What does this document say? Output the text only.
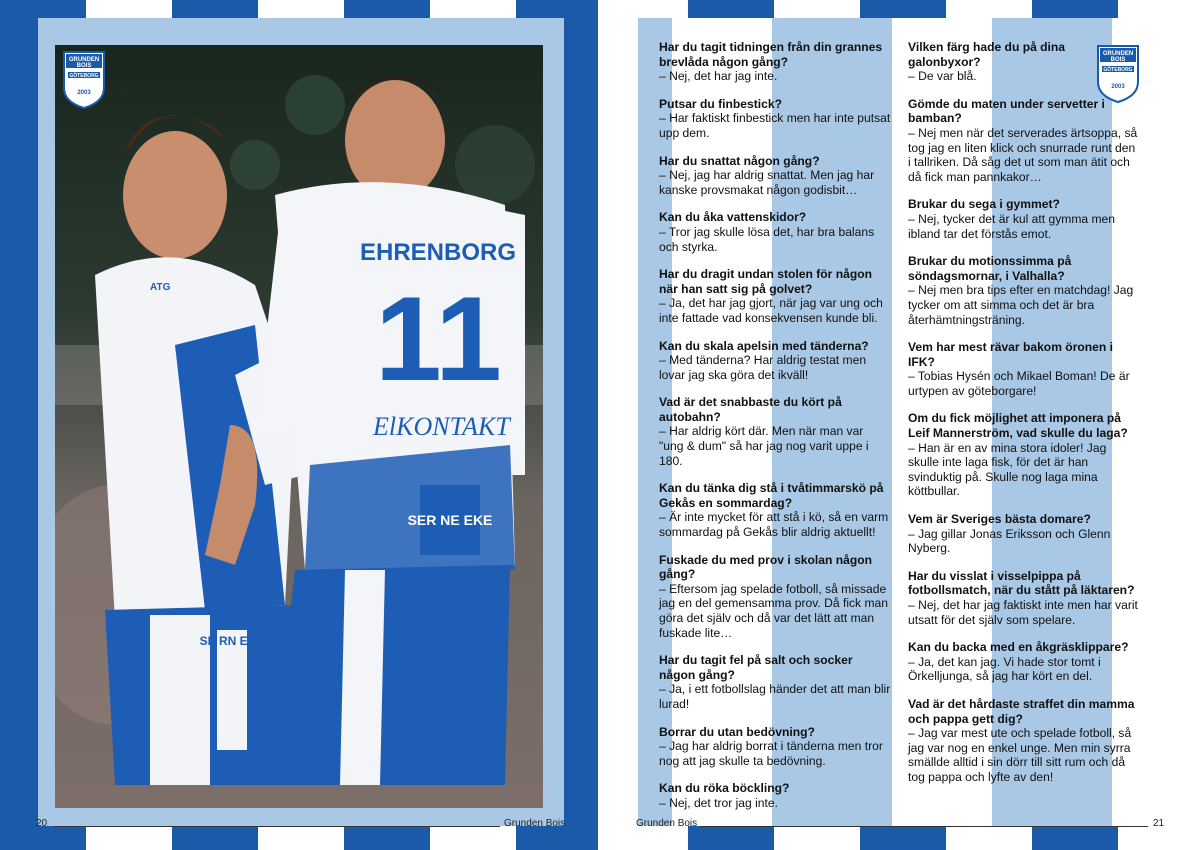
EHRENBORG
11
ElKONTAKT
SER NE EKE
ATG
SE RN EKE
GRUNDEN
BOIS
GÖTEBORG
2003
20	Grunden Bois
GRUNDEN
BOIS
GÖTEBORG
2003
Har du tagit tidningen från din grannes brevlåda någon gång?
– Nej, det har jag inte.
Putsar du finbestick?
– Har faktiskt finbestick men har inte putsat upp dem.
Har du snattat någon gång?
– Nej, jag har aldrig snattat. Men jag har kanske provsmakat någon godisbit…
Kan du åka vattenskidor?
– Tror jag skulle lösa det, har bra balans och styrka.
Har du dragit undan stolen för någon när han satt sig på golvet?
– Ja, det har jag gjort, när jag var ung och inte fattade vad konsekvensen kunde bli.
Kan du skala apelsin med tänderna?
– Med tänderna? Har aldrig testat men lovar jag ska göra det ikväll!
Vad är det snabbaste du kört på autobahn?
– Har aldrig kört där. Men när man var "ung & dum" så har jag nog varit uppe i 180.
Kan du tänka dig stå i tvåtimmarskö på Gekås en sommardag?
– Är inte mycket för att stå i kö, så en varm sommardag på Gekås blir aldrig aktuellt!
Fuskade du med prov i skolan någon gång?
– Eftersom jag spelade fotboll, så missade jag en del gemensamma prov. Då fick man göra det själv och då var det lätt att man fuskade lite…
Har du tagit fel på salt och socker någon gång?
– Ja, i ett fotbollslag händer det att man blir lurad!
Borrar du utan bedövning?
– Jag har aldrig borrat i tänderna men tror nog att jag skulle ta bedövning.
Kan du röka böckling?
– Nej, det tror jag inte.
Vilken färg hade du på dina galonbyxor?
– De var blå.
Gömde du maten under servetter i bamban?
– Nej men när det serverades ärtsoppa, så tog jag en liten klick och snurrade runt den i tallriken. Då såg det ut som man ätit och då fick man pannkakor…
Brukar du sega i gymmet?
– Nej, tycker det är kul att gymma men ibland tar det förstås emot.
Brukar du motionssimma på söndagsmornar, i Valhalla?
– Nej men bra tips efter en matchdag! Jag tycker om att simma och det är bra återhämtningsträning.
Vem har mest rävar bakom öronen i IFK?
– Tobias Hysén och Mikael Boman! De är urtypen av göteborgare!
Om du fick möjlighet att imponera på Leif Mannerström, vad skulle du laga?
– Han är en av mina stora idoler! Jag skulle inte laga fisk, för det är han svinduktig på. Skulle nog laga mina köttbullar.
Vem är Sveriges bästa domare?
– Jag gillar Jonas Eriksson och Glenn Nyberg.
Har du visslat i visselpippa på fotbollsmatch, när du stått på läktaren?
– Nej, det har jag faktiskt inte men har varit utsatt för det själv som spelare.
Kan du backa med en åkgräsklippare?
– Ja, det kan jag. Vi hade stor tomt i Örkelljunga, så jag har kört en del.
Vad är det hårdaste straffet din mamma och pappa gett dig?
– Jag var mest ute och spelade fotboll, så jag var nog en enkel unge. Men min syrra smällde alltid i sin dörr till sitt rum och då tog pappa och lyfte av den!
Grunden Bois	21
